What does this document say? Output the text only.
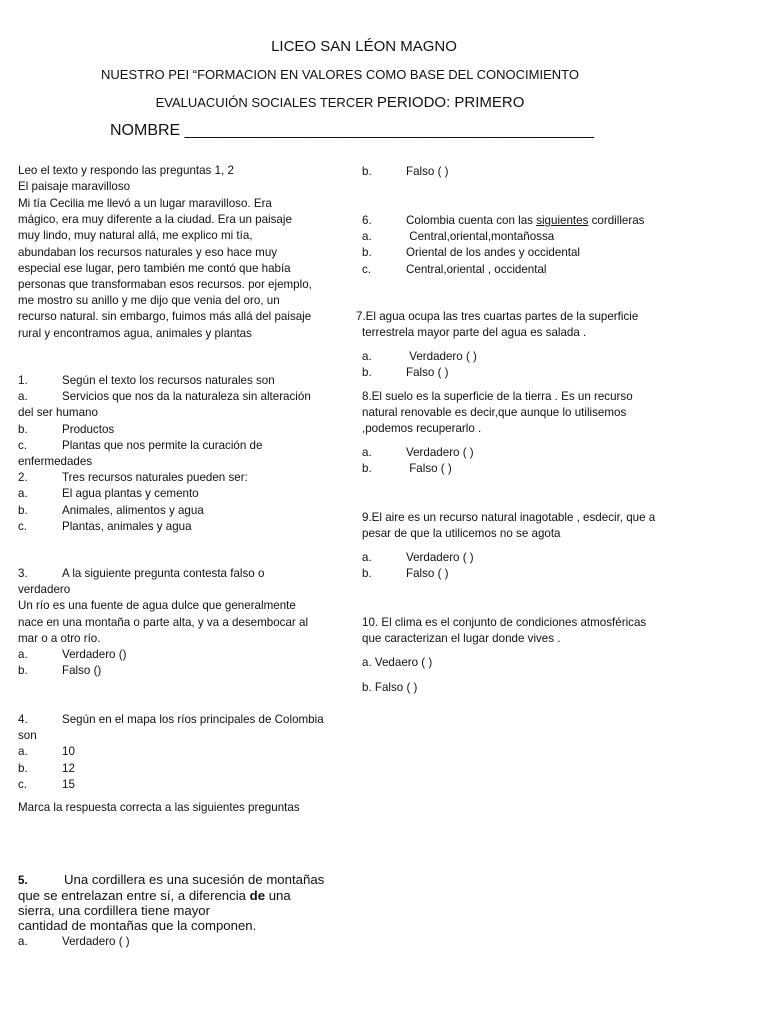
LICEO SAN LÉON MAGNO
NUESTRO PEI “FORMACION EN VALORES COMO BASE DEL CONOCIMIENTO
EVALUACUIÓN SOCIALES TERCER PERIODO: PRIMERO
NOMBRE ______________________________________________
Leo el texto y respondo las preguntas 1, 2
El paisaje maravilloso
Mi tía Cecilia me llevó a un lugar maravilloso. Era
mágico, era muy diferente a la ciudad. Era un paisaje
muy lindo, muy natural allá, me explico mi tía,
abundaban los recursos naturales y eso hace muy
especial ese lugar, pero también me contó que había
personas que transformaban esos recursos. por ejemplo,
me mostro su anillo y me dijo que venia del oro, un
recurso natural. sin embargo, fuimos más allá del paisaje
rural y encontramos agua, animales y plantas
1.	Según el texto los recursos naturales son
a.	Servicios que nos da la naturaleza sin alteración
del ser humano
b.	Productos
c.	Plantas que nos permite la curación de
enfermedades
2.	Tres recursos naturales pueden ser:
a.	El agua plantas y cemento
b.	Animales, alimentos y agua
c.	Plantas, animales y agua
3.	A la siguiente pregunta contesta falso o
verdadero
Un río es una fuente de agua dulce que generalmente
nace en una montaña o parte alta, y va a desembocar al
mar o a otro río.
a.	Verdadero ()
b.	Falso ()
4.	Según en el mapa los ríos principales de Colombia
son
a.	10
b.	12
c.	15
Marca la respuesta correcta a las siguientes preguntas
5.	Una cordillera es una sucesión de montañas
que se entrelazan entre sí, a diferencia de una
sierra, una cordillera tiene mayor
cantidad de montañas que la componen.
a.	Verdadero ( )
b.	Falso ( )
6.	Colombia cuenta con las siguientes cordilleras
a.	Central,oriental,montañossa
b.	Oriental de los andes y occidental
c.	Central,oriental , occidental
7.El agua ocupa las tres cuartas partes de la superficie
terrestrela mayor parte del agua es salada .
a.	Verdadero ( )
b.	Falso ( )
8.El suelo es la superficie de la tierra . Es un recurso
natural renovable es decir,que aunque lo utilisemos
,podemos recuperarlo .
a.	Verdadero ( )
b.	Falso ( )
9.El aire es un recurso natural inagotable , esdecir, que a
pesar de que la utilicemos no se agota
a.	Verdadero ( )
b.	Falso ( )
10. El clima es el conjunto de condiciones atmosféricas
que caracterizan el lugar donde vives .
a. Vedaero ( )
b. Falso ( )
